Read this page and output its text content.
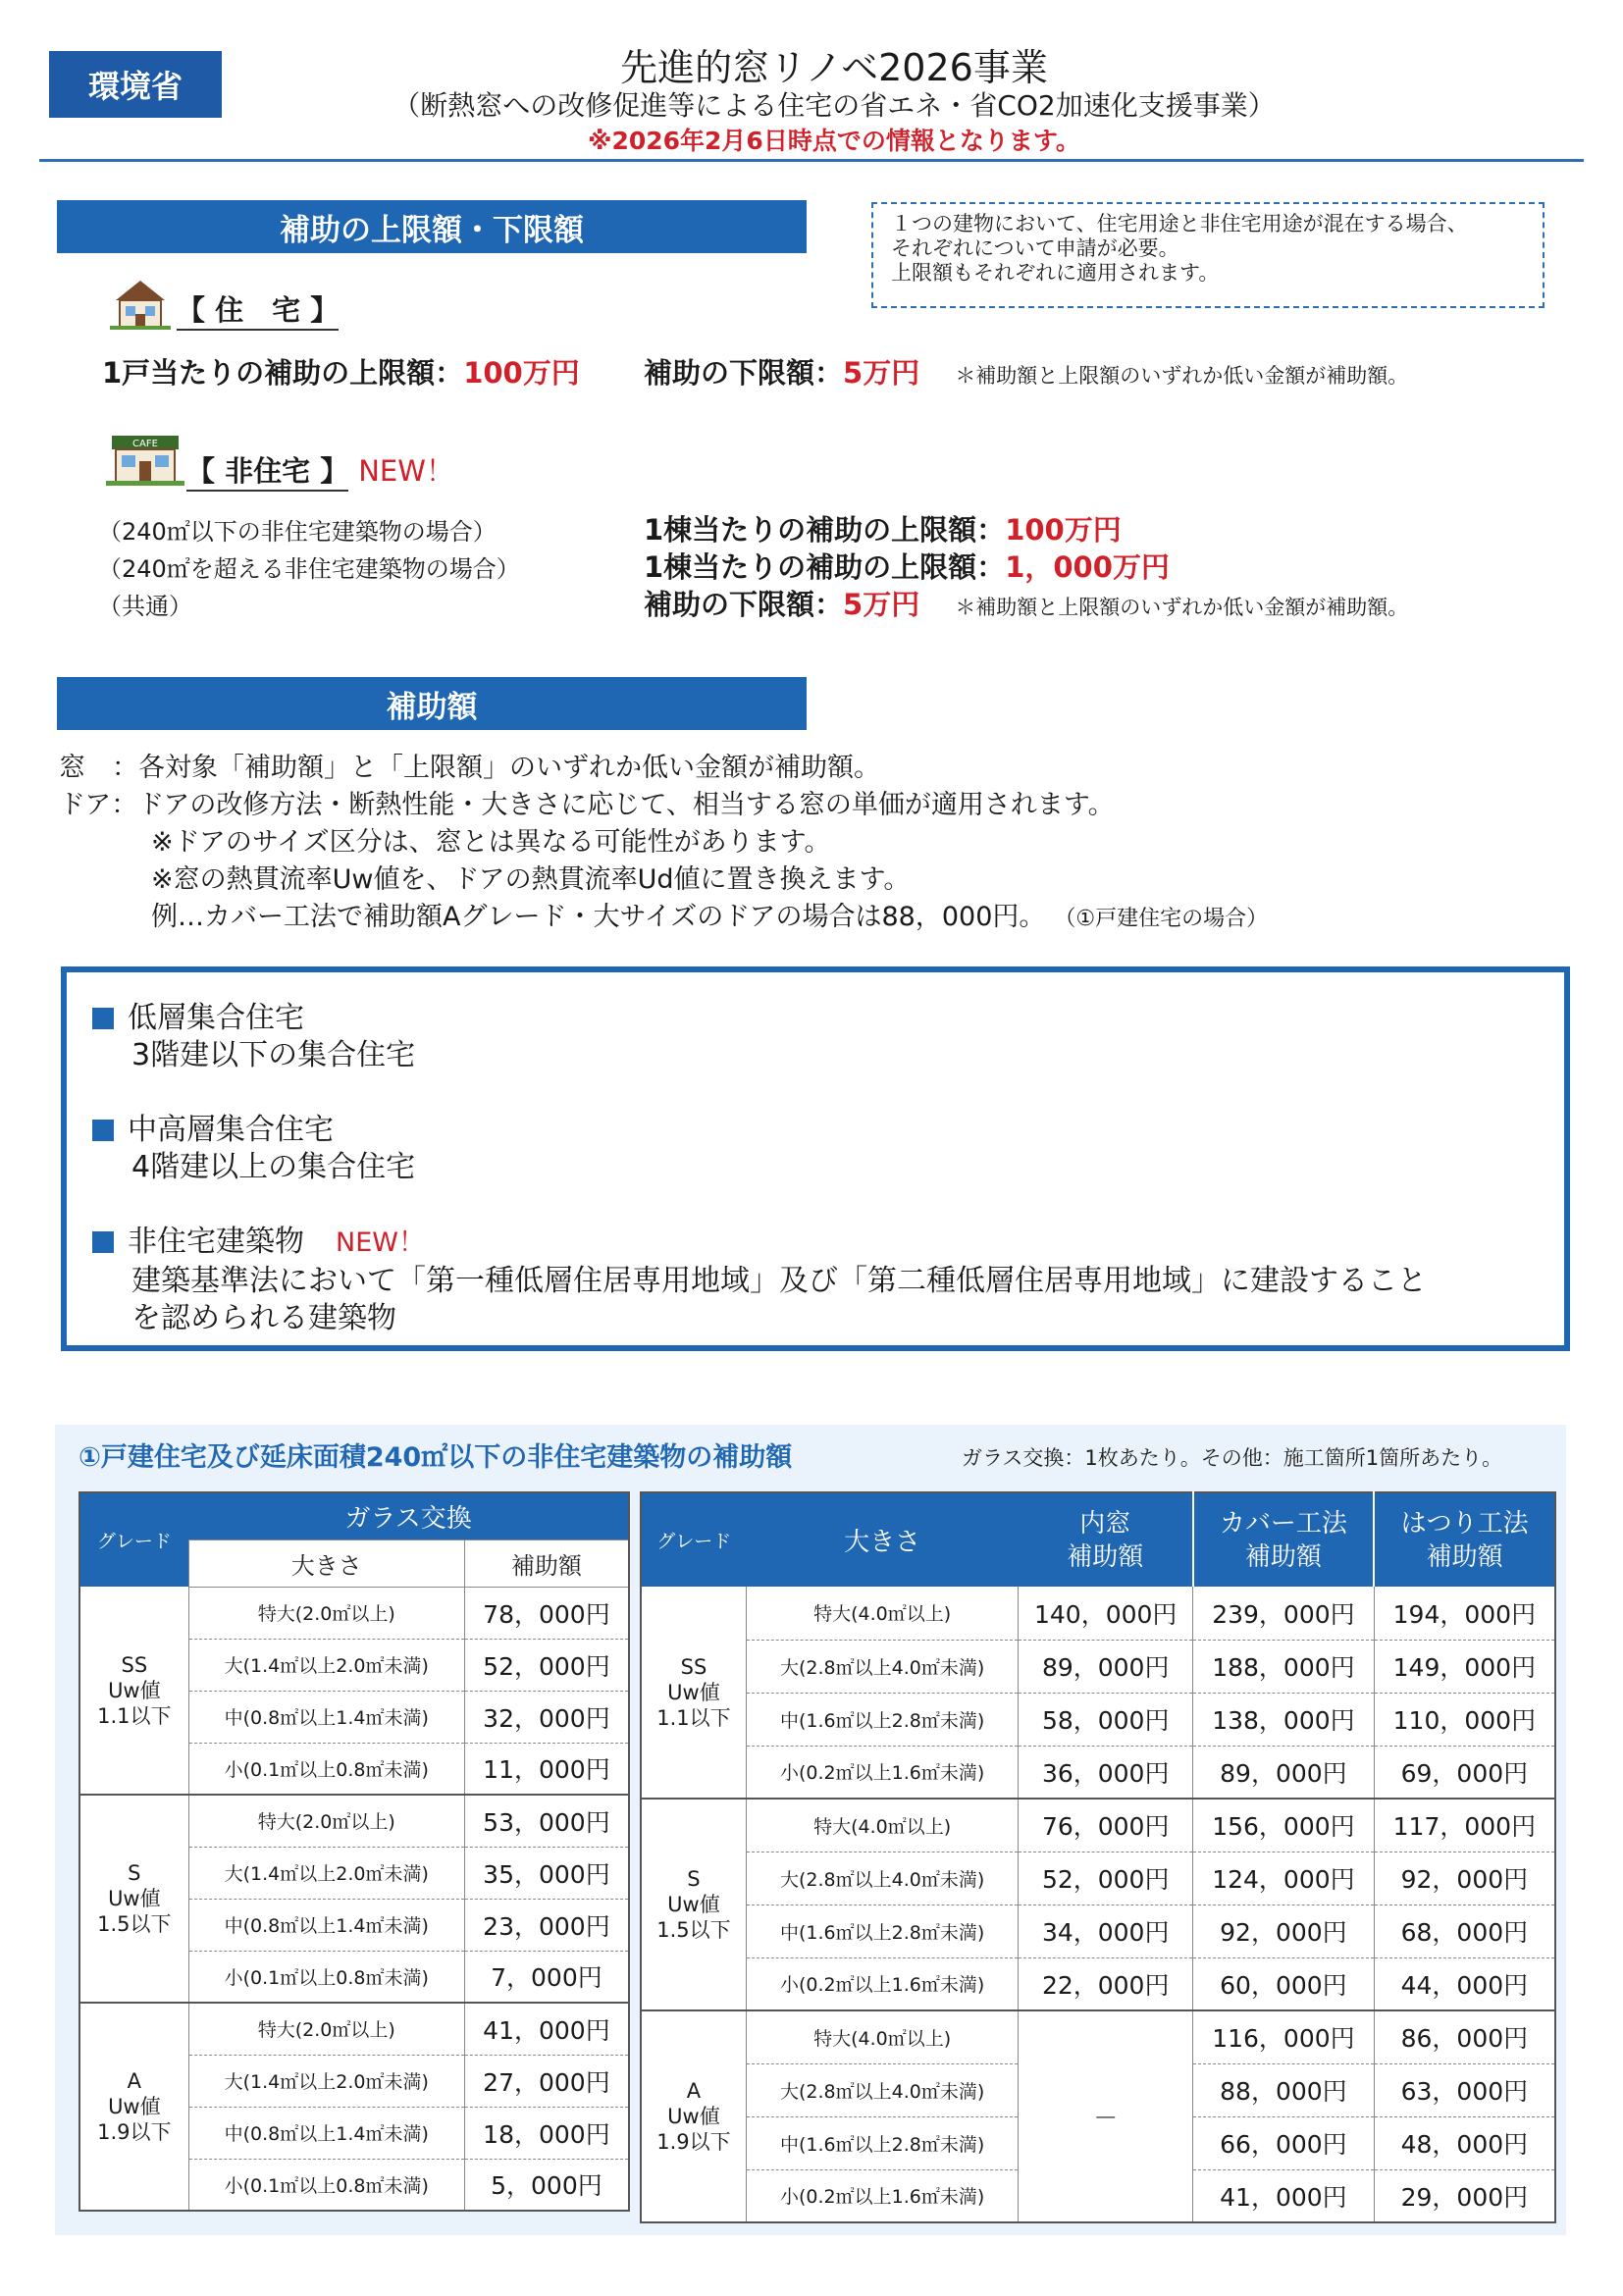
環境省	先進的窓リノベ2026事業
（断熱窓への改修促進等による住宅の省エネ・省CO2加速化支援事業）
※2026年2月6日時点での情報となります。
補助の上限額・下限額	１つの建物において、住宅用途と非住宅用途が混在する場合、
それぞれについて申請が必要。
上限額もそれぞれに適用されます。
【 住　宅 】
1戸当たりの補助の上限額：100万円 補助の下限額：5万円 ＊補助額と上限額のいずれか低い金額が補助額。
CAFE
【 非住宅 】 NEW！
（240㎡以下の非住宅建築物の場合）
（240㎡を超える非住宅建築物の場合）
（共通）
1棟当たりの補助の上限額：100万円
1棟当たりの補助の上限額：1，000万円
補助の下限額：5万円 ＊補助額と上限額のいずれか低い金額が補助額。
補助額
窓　：各対象「補助額」と「上限額」のいずれか低い金額が補助額。
ドア：ドアの改修方法・断熱性能・大きさに応じて、相当する窓の単価が適用されます。
※ドアのサイズ区分は、窓とは異なる可能性があります。
※窓の熱貫流率Uw値を、ドアの熱貫流率Ud値に置き換えます。
例…カバー工法で補助額Aグレード・大サイズのドアの場合は88，000円。 （①戸建住宅の場合）
低層集合住宅
3階建以下の集合住宅
中高層集合住宅
4階建以上の集合住宅
非住宅建築物 NEW！
建築基準法において「第一種低層住居専用地域」及び「第二種低層住居専用地域」に建設すること
を認められる建築物
①戸建住宅及び延床面積240㎡以下の非住宅建築物の補助額	ガラス交換：1枚あたり。その他：施工箇所1箇所あたり。
グレード	ガラス交換	
	大きさ	補助額

SS
Uw値
1.1以下	特大(2.0㎡以上)	78，000円
	大(1.4㎡以上2.0㎡未満)	52，000円
	中(0.8㎡以上1.4㎡未満)	32，000円
	小(0.1㎡以上0.8㎡未満)	11，000円

S
Uw値
1.5以下	特大(2.0㎡以上)	53，000円
	大(1.4㎡以上2.0㎡未満)	35，000円
	中(0.8㎡以上1.4㎡未満)	23，000円
	小(0.1㎡以上0.8㎡未満)	7，000円

A
Uw値
1.9以下	特大(2.0㎡以上)	41，000円
	大(1.4㎡以上2.0㎡未満)	27，000円
	中(0.8㎡以上1.4㎡未満)	18，000円
	小(0.1㎡以上0.8㎡未満)	5，000円
グレード	大きさ	内窓
補助額	カバー工法
補助額	はつり工法
補助額

SS
Uw値
1.1以下	特大(4.0㎡以上)	140，000円	239，000円	194，000円
	大(2.8㎡以上4.0㎡未満)	89，000円	188，000円	149，000円
	中(1.6㎡以上2.8㎡未満)	58，000円	138，000円	110，000円
	小(0.2㎡以上1.6㎡未満)	36，000円	89，000円	69，000円

S
Uw値
1.5以下	特大(4.0㎡以上)	76，000円	156，000円	117，000円
	大(2.8㎡以上4.0㎡未満)	52，000円	124，000円	92，000円
	中(1.6㎡以上2.8㎡未満)	34，000円	92，000円	68，000円
	小(0.2㎡以上1.6㎡未満)	22，000円	60，000円	44，000円

A
Uw値
1.9以下	特大(4.0㎡以上)	－	116，000円	86，000円
	大(2.8㎡以上4.0㎡未満)		88，000円	63，000円
	中(1.6㎡以上2.8㎡未満)		66，000円	48，000円
	小(0.2㎡以上1.6㎡未満)		41，000円	29，000円
